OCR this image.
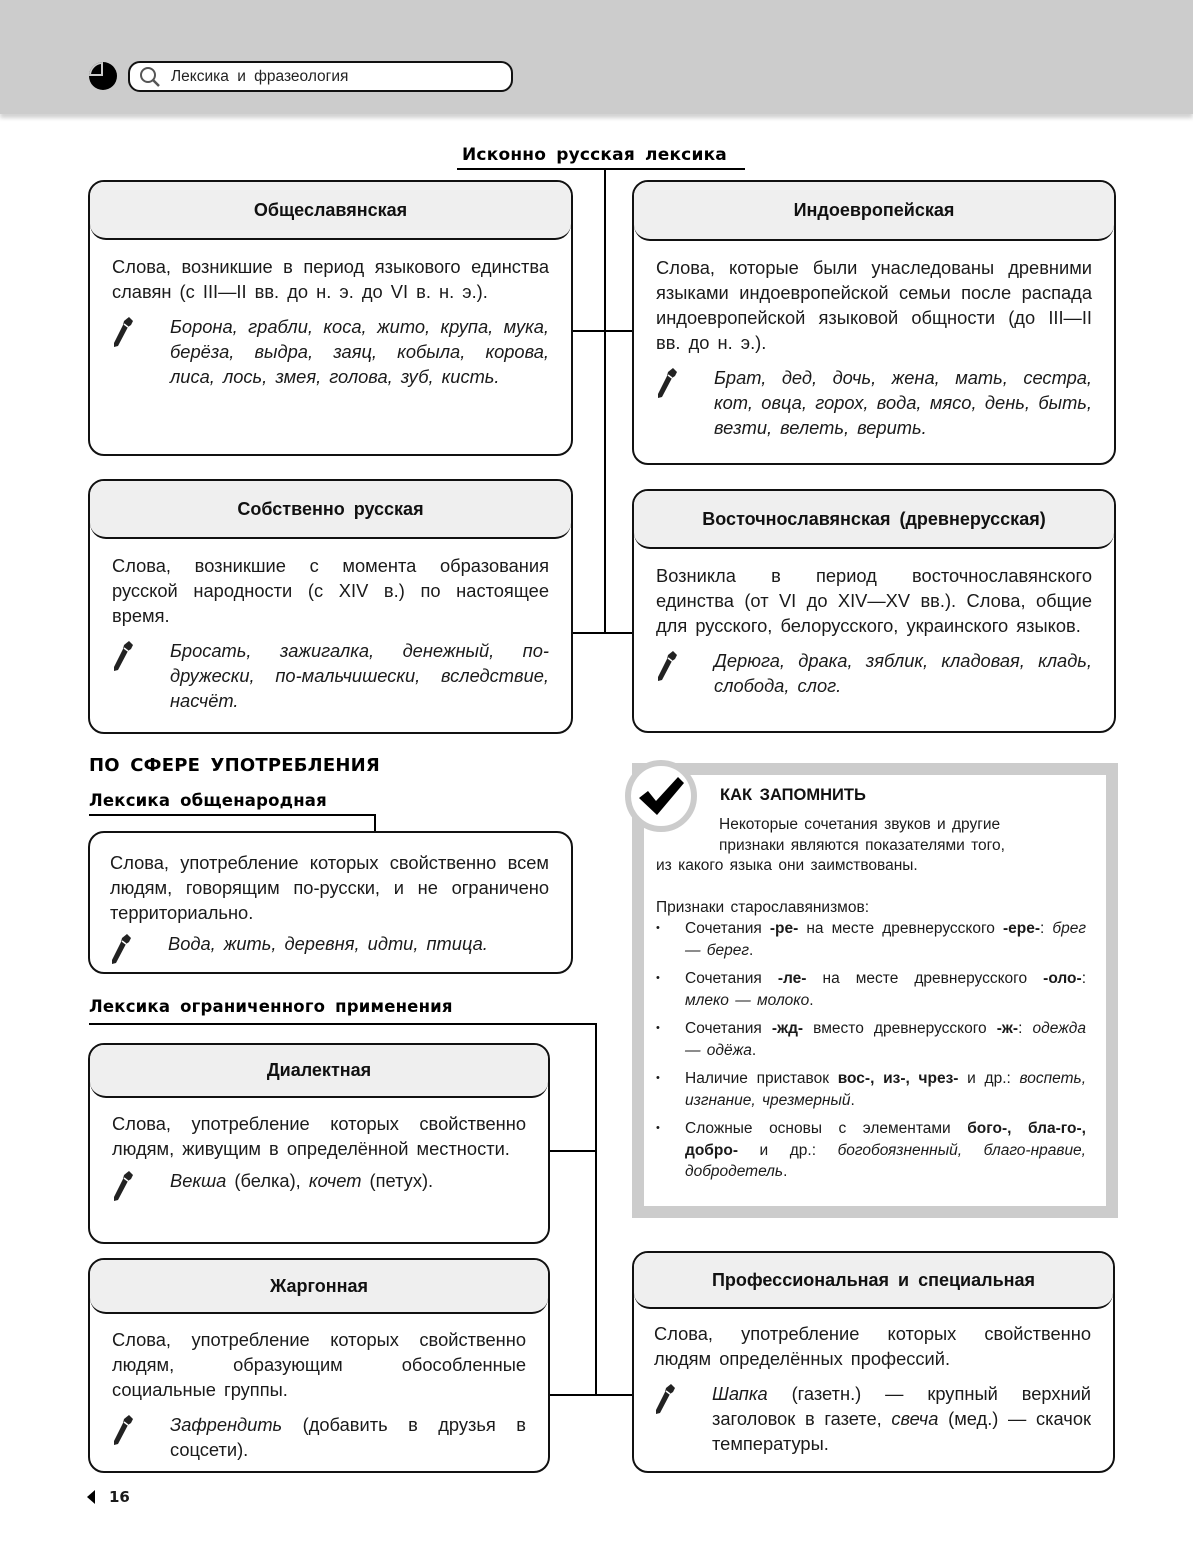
Лексика и фразеология
Исконно русская лексика
Общеславянская
Слова, возникшие в период языкового единства славян (с III—II вв. до н. э. до VI в. н. э.).
Борона, грабли, коса, жито, крупа, мука, берёза, выдра, заяц, кобыла, корова, лиса, лось, змея, голова, зуб, кисть.
Индоевропейская
Слова, которые были унаследованы древними языками индоевропейской семьи после распада индоевропейской языковой общности (до III—II вв. до н. э.).
Брат, дед, дочь, жена, мать, сестра, кот, овца, горох, вода, мясо, день, быть, везти, велеть, верить.
Собственно русская
Слова, возникшие с момента образования русской народности (с XIV в.) по настоящее время.
Бросать, зажигалка, денежный, по-дружески, по-мальчишески, вследствие, насчёт.
Восточнославянская (древнерусская)
Возникла в период восточнославянского единства (от VI до XIV—XV вв.). Слова, общие для русского, белорусского, украинского языков.
Дерюга, драка, зяблик, кладовая, кладь, слобода, слог.
ПО СФЕРЕ УПОТРЕБЛЕНИЯ
Лексика общенародная
Слова, употребление которых свойственно всем людям, говорящим по-русски, и не ограничено территориально.
Вода, жить, деревня, идти, птица.
Лексика ограниченного применения
Диалектная
Слова, употребление которых свойственно людям, живущим в определённой местности.
Векша (белка), кочет (петух).
Жаргонная
Слова, употребление которых свойственно людям, образующим обособленные социальные группы.
Зафрендить (добавить в друзья в соцсети).
Профессиональная и специальная
Слова, употребление которых свойственно людям определённых профессий.
Шапка (газетн.) — крупный верхний заголовок в газете, свеча (мед.) — скачок температуры.
КАК ЗАПОМНИТЬ
Некоторые сочетания звуков и другие
признаки являются показателями того,
из какого языка они заимствованы.
Признаки старославянизмов:
• Сочетания -ре- на месте древнерусского -ере-: брег — берег.
• Сочетания -ле- на месте древнерусского -оло-: млеко — молоко.
• Сочетания -жд- вместо древнерусского -ж-: одежда — одёжа.
• Наличие приставок вос-, из-, чрез- и др.: воспеть, изгнание, чрезмерный.
• Сложные основы с элементами бого-, бла-го-, добро- и др.: богобоязненный, благо-нравие, добродетель.
16
